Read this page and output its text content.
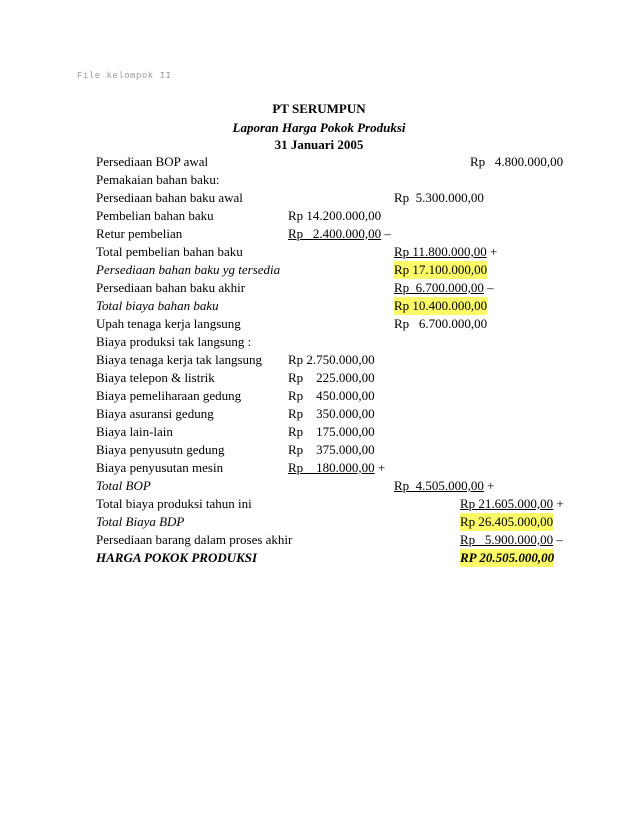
File kelompok II
PT SERUMPUN
Laporan Harga Pokok Produksi
31 Januari 2005
Persediaan BOP awal	Rp   4.800.000,00
Pemakaian bahan baku:
Persediaan bahan baku awal	Rp  5.300.000,00
Pembelian bahan baku	Rp 14.200.000,00
Retur pembelian	Rp   2.400.000,00 –
Total pembelian bahan baku	Rp 11.800.000,00 +
Persediaan bahan baku yg tersedia	Rp 17.100.000,00
Persediaan bahan baku akhir	Rp  6.700.000,00 –
Total biaya bahan baku	Rp 10.400.000,00
Upah tenaga kerja langsung	Rp   6.700.000,00
Biaya produksi tak langsung :
Biaya tenaga kerja tak langsung Rp 2.750.000,00
Biaya telepon & listrik	Rp    225.000,00
Biaya pemeliharaan gedung	Rp    450.000,00
Biaya asuransi gedung	Rp    350.000,00
Biaya lain-lain	Rp    175.000,00
Biaya penyusutn gedung	Rp    375.000,00
Biaya penyusutan mesin	Rp    180.000,00 +
Total BOP	Rp  4.505.000,00 +
Total biaya produksi tahun ini	Rp 21.605.000,00 +
Total Biaya BDP	Rp 26.405.000,00
Persediaan barang dalam proses akhir	Rp   5.900.000,00 –
HARGA POKOK PRODUKSI	RP 20.505.000,00
